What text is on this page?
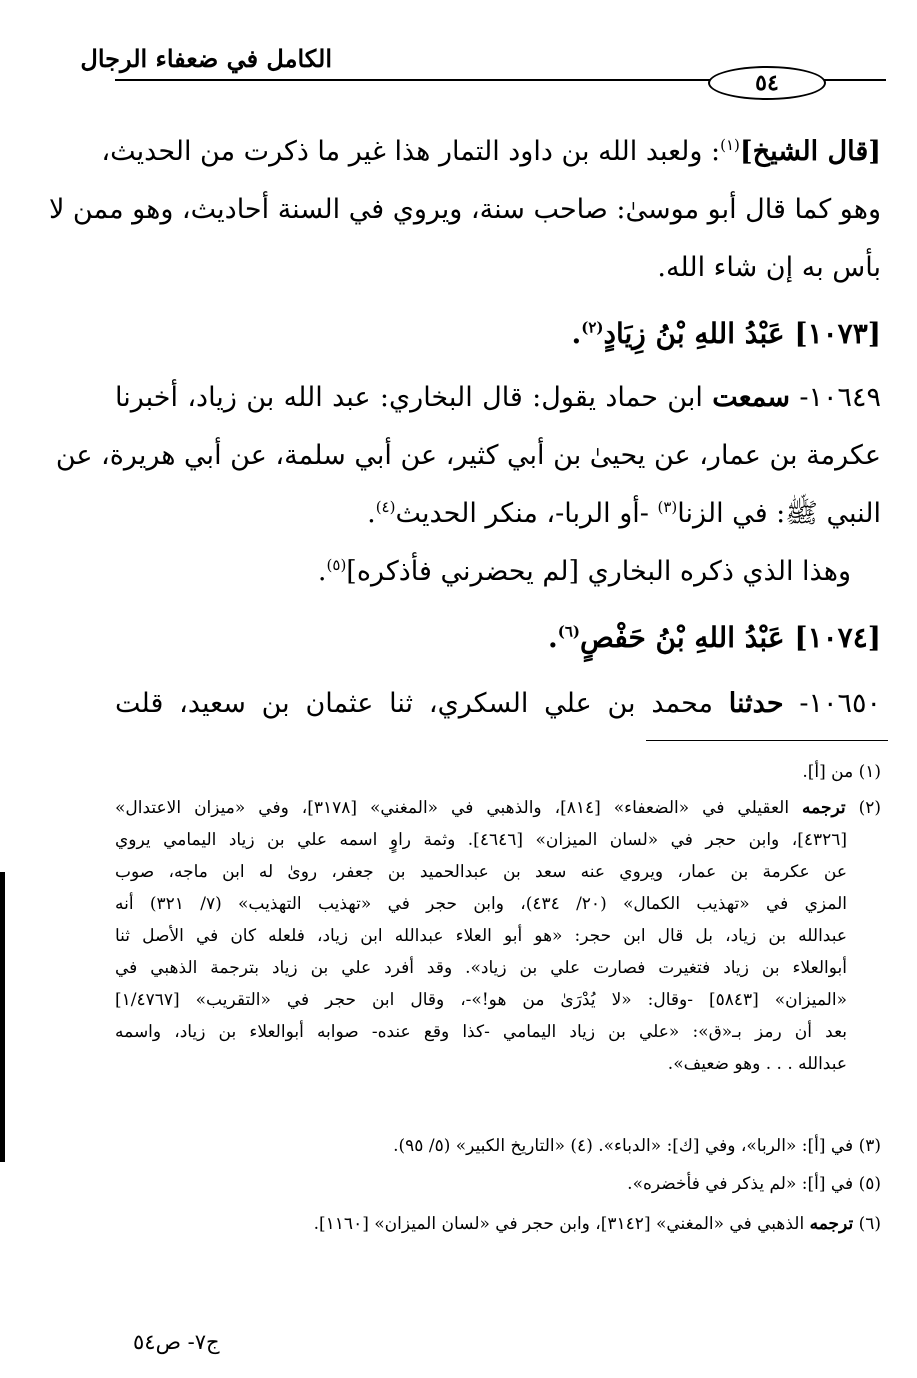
الكامل في ضعفاء الرجال
٥٤
[قال الشيخ]$^{(١)}$: ولعبد الله بن داود التمار هذا غير ما ذكرت من الحديث،
وهو كما قال أبو موسىٰ: صاحب سنة، ويروي في السنة أحاديث، وهو ممن لا
بأس به إن شاء الله.
[١٠٧٣] عَبْدُ اللهِ بْنُ زِيَادٍ$^{(٢)}$.
١٠٦٤٩- سمعت ابن حماد يقول: قال البخاري: عبد الله بن زياد، أخبرنا
عكرمة بن عمار، عن يحيىٰ بن أبي كثير، عن أبي سلمة، عن أبي هريرة، عن
النبي ﷺ: في الزنا$^{(٣)}$ -أو الربا-، منكر الحديث$^{(٤)}$.
وهذا الذي ذكره البخاري [لم يحضرني فأذكره]$^{(٥)}$.
[١٠٧٤] عَبْدُ اللهِ بْنُ حَفْصٍ$^{(٦)}$.
١٠٦٥٠- حدثنا محمد بن علي السكري، ثنا عثمان بن سعيد، قلت
(١) من [أ].
(٢) ترجمه العقيلي في «الضعفاء» [٨١٤]، والذهبي في «المغني» [٣١٧٨]، وفي «ميزان الاعتدال»
[٤٣٢٦]، وابن حجر في «لسان الميزان» [٤٦٤٦]. وثمة راوٍ اسمه علي بن زياد اليمامي يروي
عن عكرمة بن عمار، ويروي عنه سعد بن عبدالحميد بن جعفر، روىٰ له ابن ماجه، صوب
المزي في «تهذيب الكمال» (٢٠/ ٤٣٤)، وابن حجر في «تهذيب التهذيب» (٧/ ٣٢١) أنه
عبدالله بن زياد، بل قال ابن حجر: «هو أبو العلاء عبدالله ابن زياد، فلعله كان في الأصل ثنا
أبوالعلاء بن زياد فتغيرت فصارت علي بن زياد». وقد أفرد علي بن زياد بترجمة الذهبي في
«الميزان» [٥٨٤٣] -وقال: «لا يُدْرَىٰ من هو!»-، وقال ابن حجر في «التقريب» [١/٤٧٦٧]
بعد أن رمز بـ«ق»: «علي بن زياد اليمامي -كذا وقع عنده- صوابه أبوالعلاء بن زياد، واسمه
عبدالله . . . وهو ضعيف».
(٣) في [أ]: «الربا»، وفي [ك]: «الدباء». (٤) «التاريخ الكبير» (٥/ ٩٥).
(٥) في [أ]: «لم يذكر في فأخضره».
(٦) ترجمه الذهبي في «المغني» [٣١٤٢]، وابن حجر في «لسان الميزان» [١١٦٠].
ج٧- ص٥٤
